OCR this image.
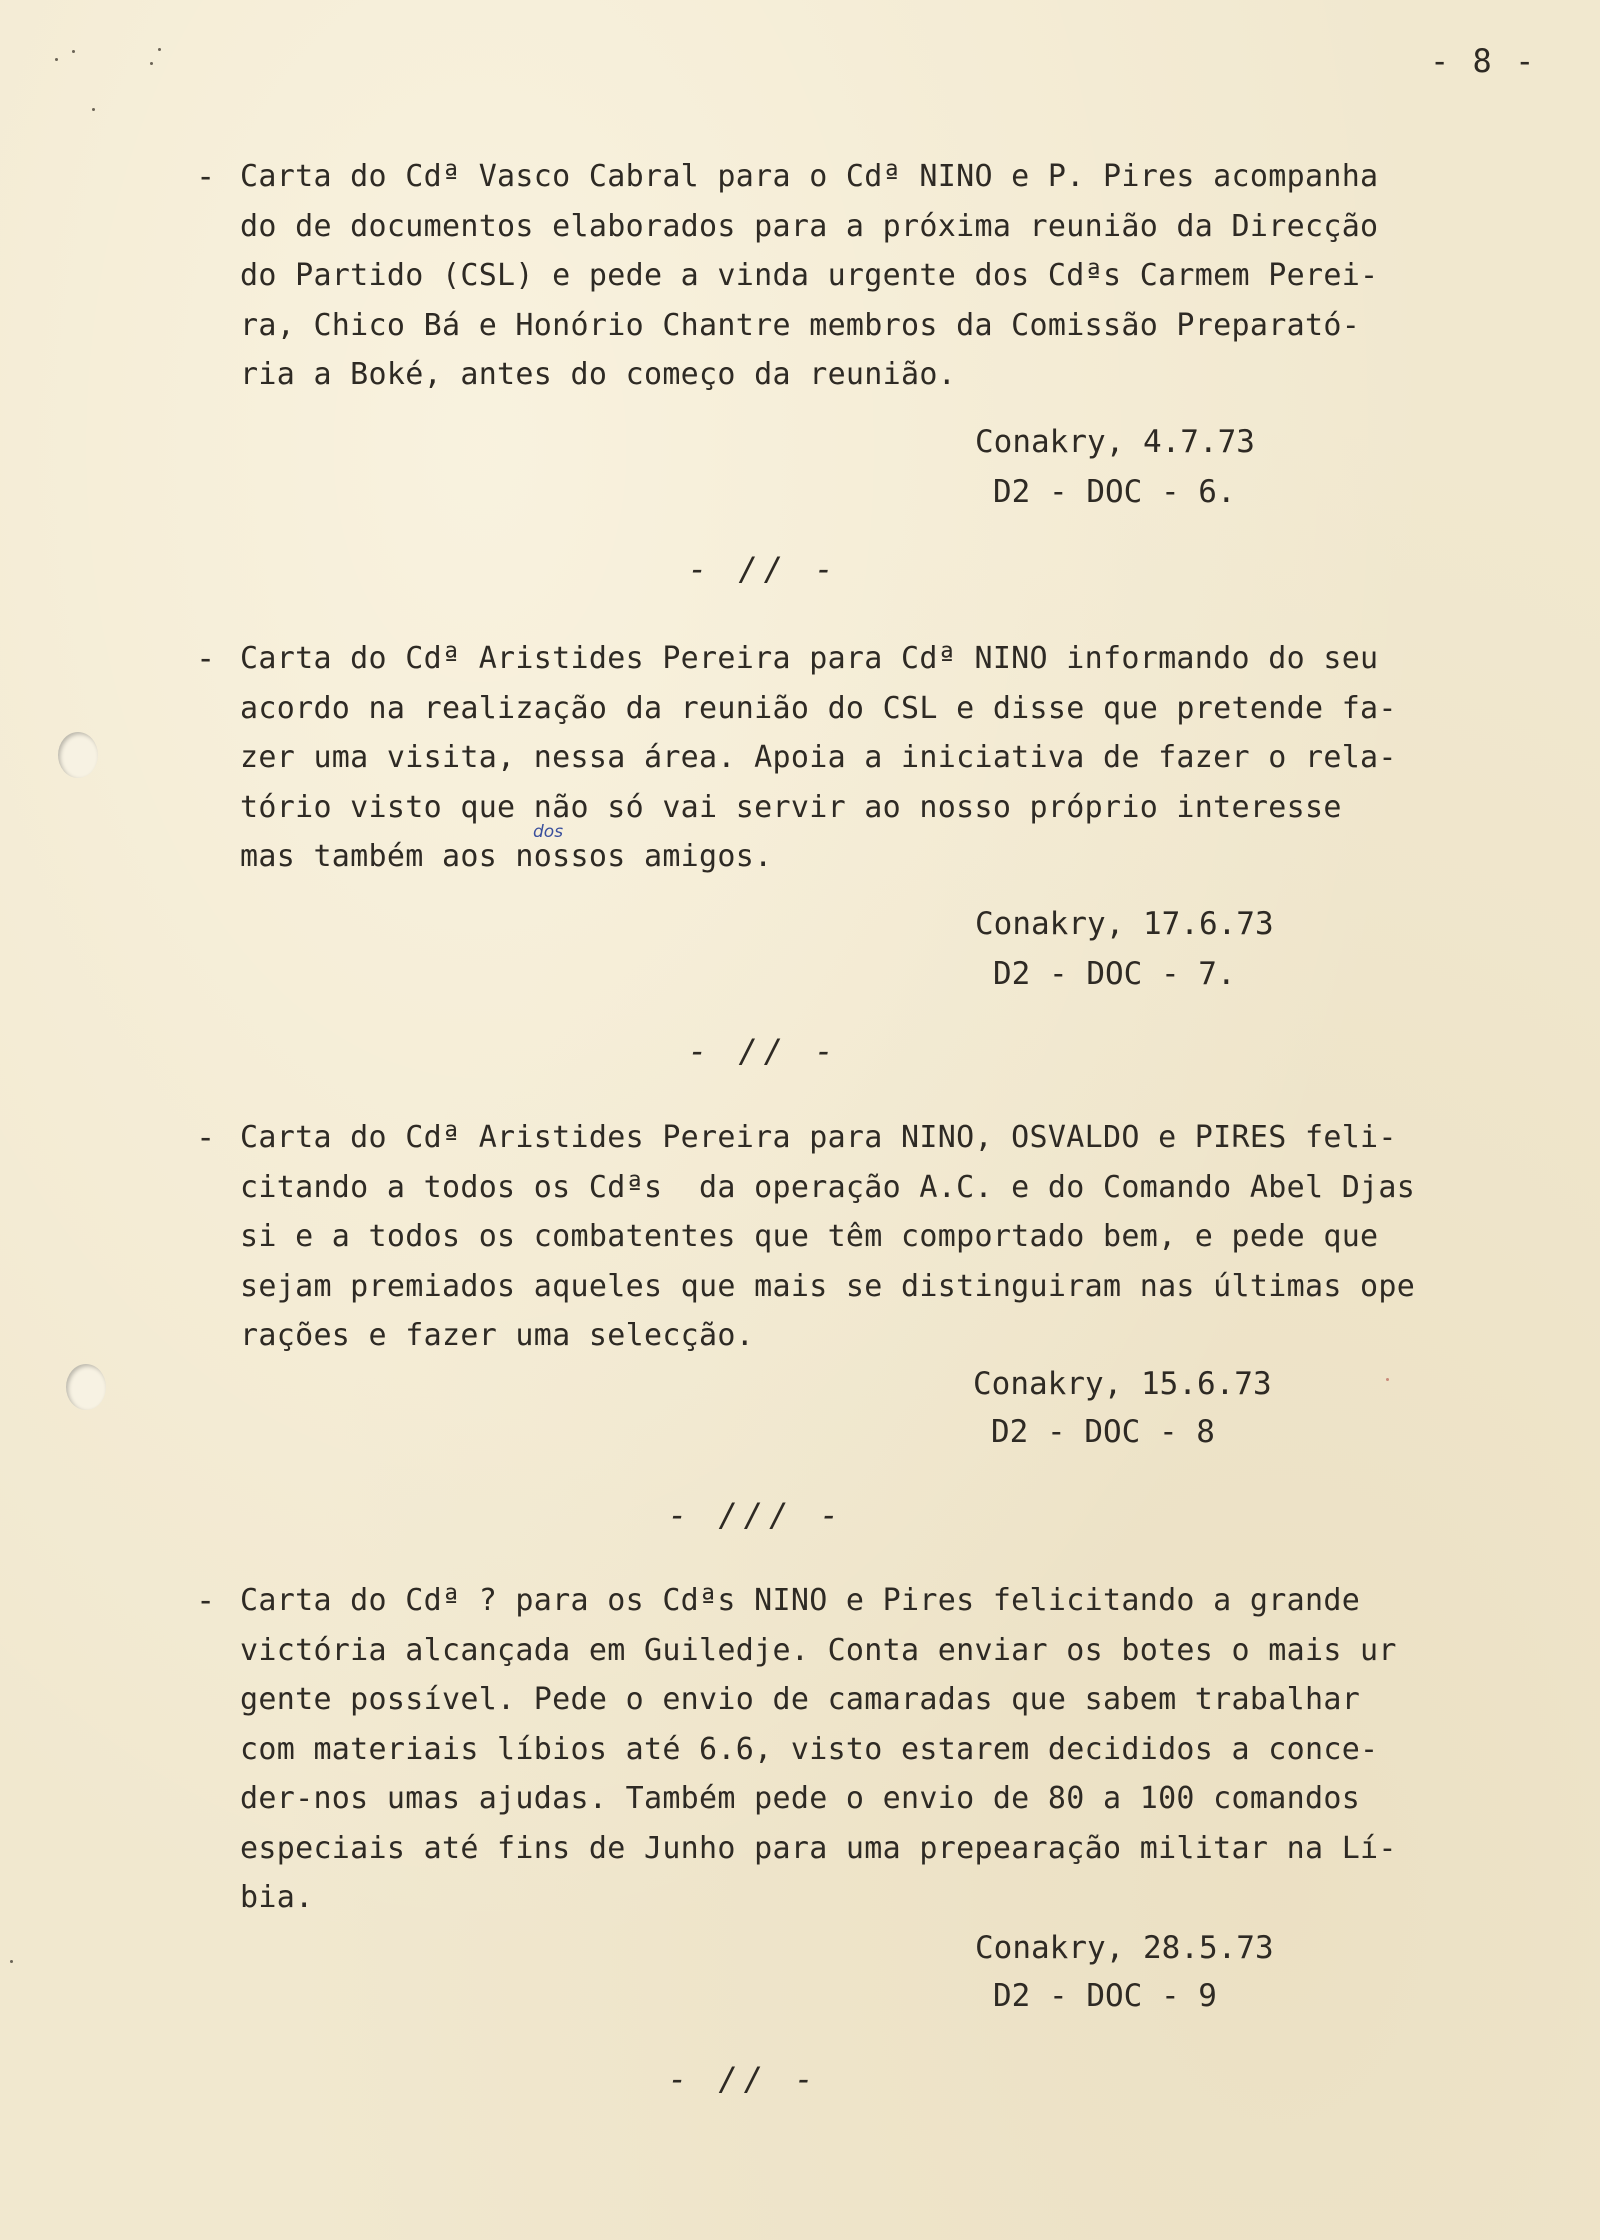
- 8 -

- Carta do Cdª Vasco Cabral para o Cdª NINO e P. Pires acompanha
do de documentos elaborados para a próxima reunião da Direcção
do Partido (CSL) e pede a vinda urgente dos Cdªs Carmem Perei-
ra, Chico Bá e Honório Chantre membros da Comissão Preparató-
ria a Boké, antes do começo da reunião.

Conakry, 4.7.73

D2 - DOC - 6.

- // -

- Carta do Cdª Aristides Pereira para Cdª NINO informando do seu
acordo na realização da reunião do CSL e disse que pretende fa-
zer uma visita, nessa área. Apoia a iniciativa de fazer o rela-
tório visto que não só vai servir ao nosso próprio interesse
mas também aos nossos amigos.

dos

Conakry, 17.6.73

D2 - DOC - 7.

- // -

- Carta do Cdª Aristides Pereira para NINO, OSVALDO e PIRES feli-
citando a todos os Cdªs  da operação A.C. e do Comando Abel Djas
si e a todos os combatentes que têm comportado bem, e pede que
sejam premiados aqueles que mais se distinguiram nas últimas ope
rações e fazer uma selecção.

Conakry, 15.6.73

D2 - DOC - 8

- /// -

- Carta do Cdª ? para os Cdªs NINO e Pires felicitando a grande
victória alcançada em Guiledje. Conta enviar os botes o mais ur
gente possível. Pede o envio de camaradas que sabem trabalhar
com materiais líbios até 6.6, visto estarem decididos a conce-
der-nos umas ajudas. Também pede o envio de 80 a 100 comandos
especiais até fins de Junho para uma prepearação militar na Lí-
bia.

Conakry, 28.5.73

D2 - DOC - 9

- // -
